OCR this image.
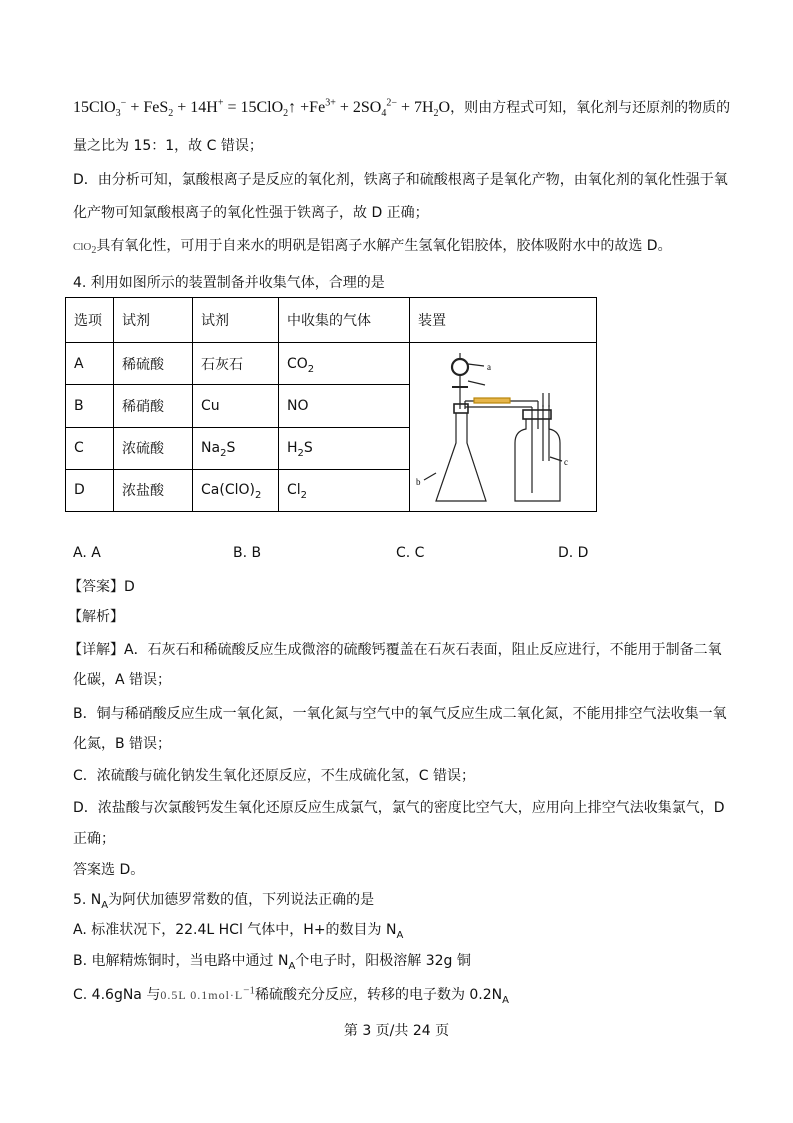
15ClO$_3$− + FeS$_2$ + 14H+ = 15ClO$_2$↑ $+Fe^{3+} + 2SO_4^{2-} + 7H_2O$，则由方程式可知，氧化剂与还原剂的物质的
量之比为 15：1，故 C 错误；
D．由分析可知，氯酸根离子是反应的氧化剂，铁离子和硫酸根离子是氧化产物，由氧化剂的氧化性强于氧
化产物可知氯酸根离子的氧化性强于铁离子，故 D 正确；
ClO$_2$具有氧化性，可用于自来水的明矾是铝离子水解产生氢氧化铝胶体，胶体吸附水中的故选 D。
4. 利用如图所示的装置制备并收集气体，合理的是
选项	试剂	试剂	中收集的气体	装置
A	稀硫酸	石灰石	$CO_2$	a
b
c

B	稀硝酸	Cu	NO	
C	浓硫酸	$Na_2S$	$H_2S$	
D	浓盐酸	$Ca(ClO)_2$	$Cl_2$
A. A	B. B	C. C	D. D
【答案】D
【解析】
【详解】A．石灰石和稀硫酸反应生成微溶的硫酸钙覆盖在石灰石表面，阻止反应进行，不能用于制备二氧
化碳，A 错误；
B．铜与稀硝酸反应生成一氧化氮，一氧化氮与空气中的氧气反应生成二氧化氮，不能用排空气法收集一氧
化氮，B 错误；
C．浓硫酸与硫化钠发生氧化还原反应，不生成硫化氢，C 错误；
D．浓盐酸与次氯酸钙发生氧化还原反应生成氯气，氯气的密度比空气大，应用向上排空气法收集氯气，D
正确；
答案选 D。
5. $N_A$为阿伏加德罗常数的值，下列说法正确的是
A. 标准状况下，22.4L HCl 气体中，H+的数目为 $N_A$
B. 电解精炼铜时，当电路中通过 $N_A$个电子时，阳极溶解 32g 铜
C. 4.6gNa 与0.5L $0.1mol\cdot L^{-1}$稀硫酸充分反应，转移的电子数为 $0.2N_A$
第 3 页/共 24 页
